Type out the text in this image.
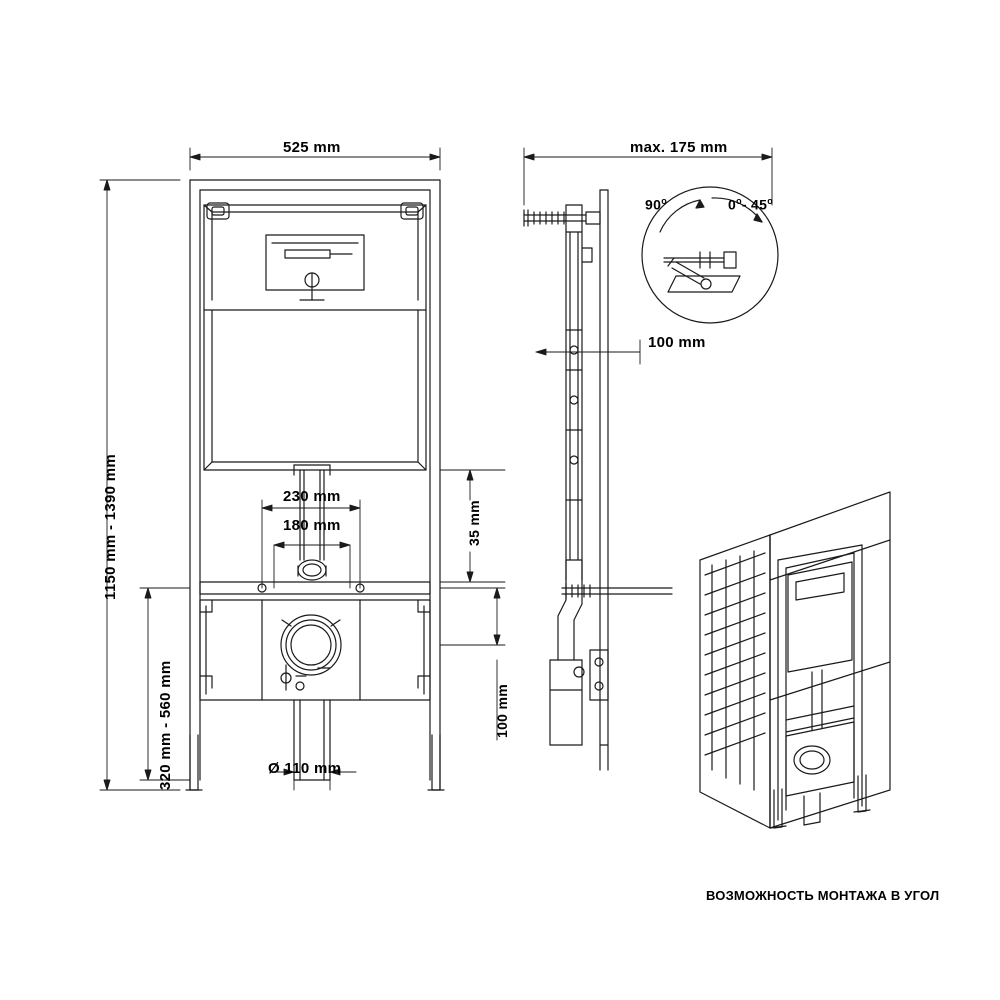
525 mm
1150 mm - 1390 mm
320 mm - 560 mm
230 mm
180 mm	35 mm
100 mm
max. 175 mm
100 mm
Ø 110 mm
90$^o$	0$^o$- 45$^o$
ВОЗМОЖНОСТЬ МОНТАЖА В УГОЛ
